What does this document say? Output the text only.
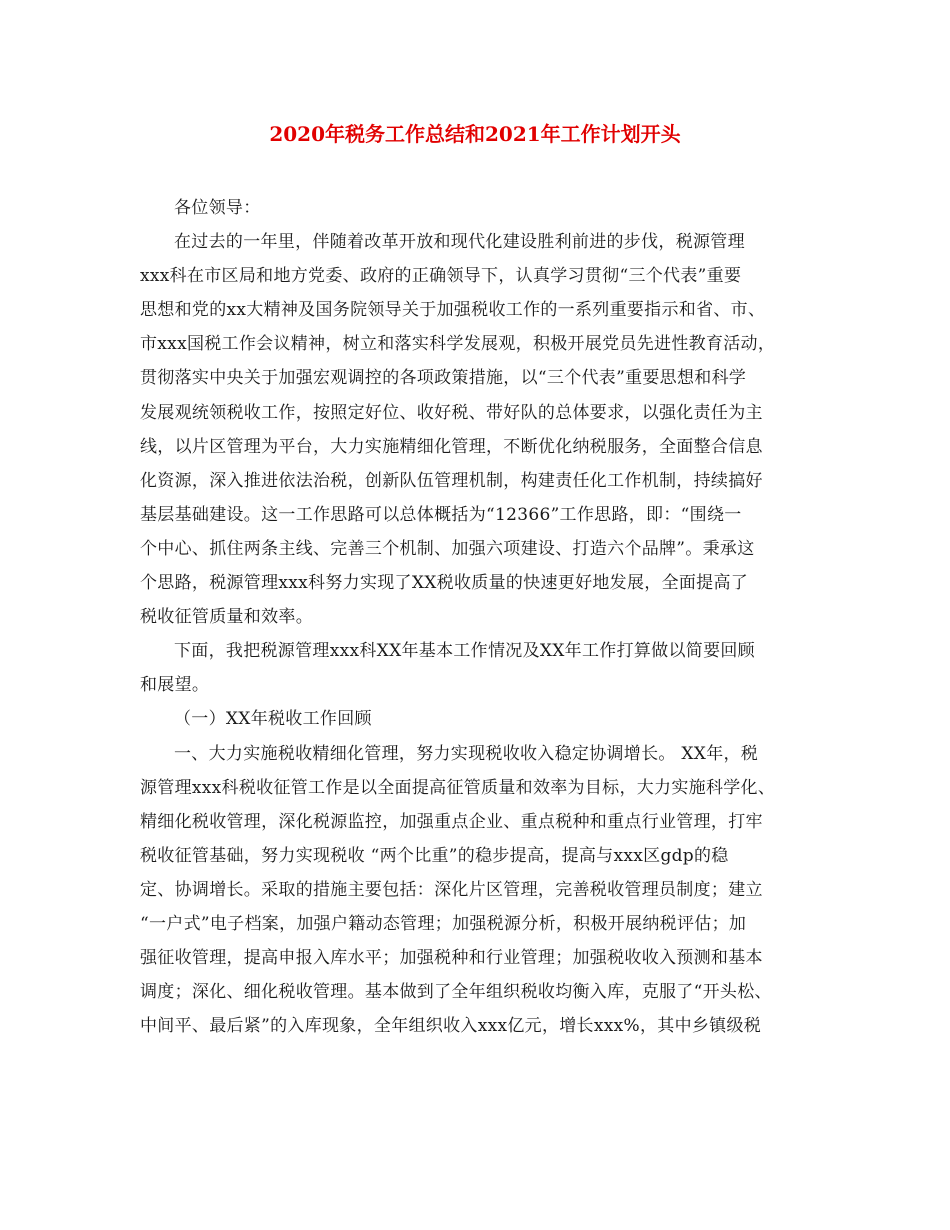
2020年税务工作总结和2021年工作计划开头

各位领导：

在过去的一年里，伴随着改革开放和现代化建设胜利前进的步伐，税源管理
xxx科在市区局和地方党委、政府的正确领导下，认真学习贯彻“三个代表”重要
思想和党的xx大精神及国务院领导关于加强税收工作的一系列重要指示和省、市、
市xxx国税工作会议精神，树立和落实科学发展观，积极开展党员先进性教育活动，
贯彻落实中央关于加强宏观调控的各项政策措施，以“三个代表”重要思想和科学
发展观统领税收工作，按照定好位、收好税、带好队的总体要求，以强化责任为主
线，以片区管理为平台，大力实施精细化管理，不断优化纳税服务，全面整合信息
化资源，深入推进依法治税，创新队伍管理机制，构建责任化工作机制，持续搞好
基层基础建设。这一工作思路可以总体概括为“12366”工作思路，即：“围绕一
个中心、抓住两条主线、完善三个机制、加强六项建设、打造六个品牌”。秉承这
个思路，税源管理xxx科努力实现了XX税收质量的快速更好地发展，全面提高了
税收征管质量和效率。
下面，我把税源管理xxx科XX年基本工作情况及XX年工作打算做以简要回顾
和展望。

（一）XX年税收工作回顾

一、大力实施税收精细化管理，努力实现税收收入稳定协调增长。 XX年，税
源管理xxx科税收征管工作是以全面提高征管质量和效率为目标，大力实施科学化、
精细化税收管理，深化税源监控，加强重点企业、重点税种和重点行业管理，打牢
税收征管基础，努力实现税收 “两个比重”的稳步提高，提高与xxx区gdp的稳
定、协调增长。采取的措施主要包括：深化片区管理，完善税收管理员制度；建立
“一户式”电子档案，加强户籍动态管理；加强税源分析，积极开展纳税评估；加
强征收管理，提高申报入库水平；加强税种和行业管理；加强税收收入预测和基本
调度；深化、细化税收管理。基本做到了全年组织税收均衡入库，克服了“开头松、
中间平、最后紧”的入库现象，全年组织收入xxx亿元，增长xxx%，其中乡镇级税
